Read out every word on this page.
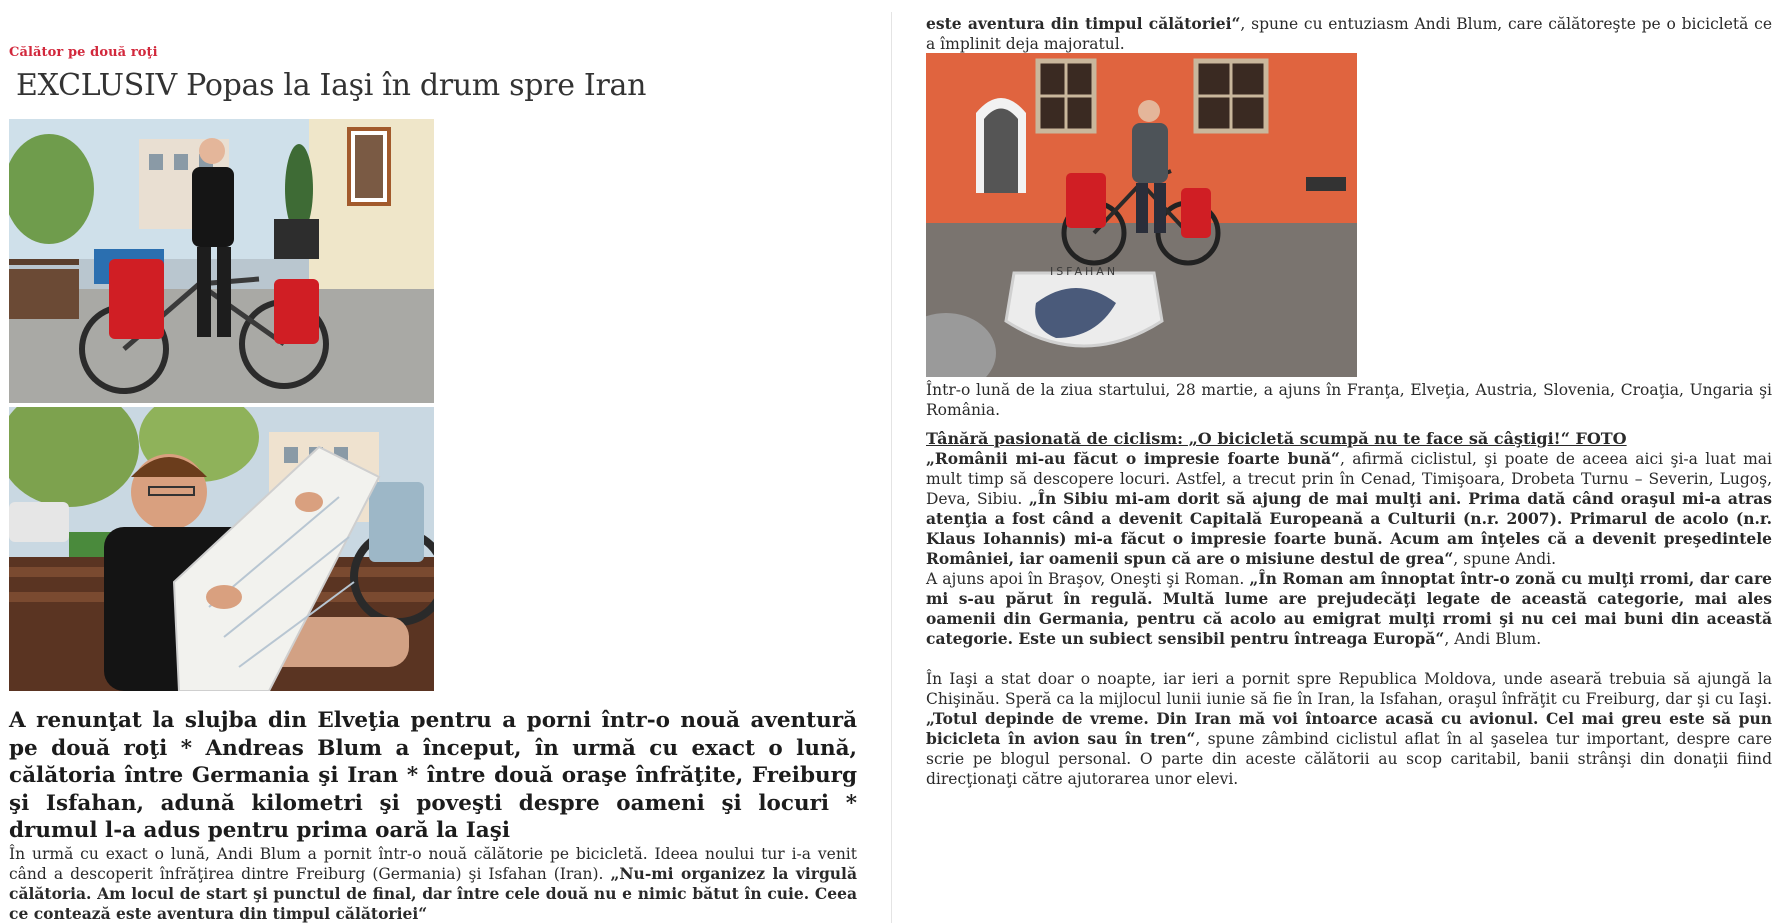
Călător pe două roţi
EXCLUSIV Popas la Iaşi în drum spre Iran

A renunţat la slujba din Elveţia pentru a porni într-o nouă aventură pe două roţi * Andreas Blum a început, în urmă cu exact o lună, călătoria între Germania şi Iran * între două oraşe înfrăţite, Freiburg şi Isfahan, adună kilometri şi poveşti despre oameni şi locuri * drumul l-a adus pentru prima oară la Iaşi

În urmă cu exact o lună, Andi Blum a pornit într-o nouă călătorie pe bicicletă. Ideea noului tur i-a venit când a descoperit înfrăţirea dintre Freiburg (Germania) şi Isfahan (Iran). „Nu-mi organizez la virgulă călătoria. Am locul de start şi punctul de final, dar între cele două nu e nimic bătut în cuie. Ceea ce contează este aventura din timpul călătoriei“

este aventura din timpul călătoriei“, spune cu entuziasm Andi Blum, care călătoreşte pe o bicicletă ce a împlinit deja majoratul.

ISFAHAN

Într-o lună de la ziua startului, 28 martie, a ajuns în Franţa, Elveţia, Austria, Slovenia, Croaţia, Ungaria şi România.

Tânără pasionată de ciclism: „O bicicletă scumpă nu te face să câştigi!“ FOTO

„Românii mi-au făcut o impresie foarte bună“, afirmă ciclistul, şi poate de aceea aici şi-a luat mai mult timp să descopere locuri. Astfel, a trecut prin în Cenad, Timişoara, Drobeta Turnu – Severin, Lugoş, Deva, Sibiu. „În Sibiu mi-am dorit să ajung de mai mulţi ani. Prima dată când oraşul mi-a atras atenţia a fost când a devenit Capitală Europeană a Culturii (n.r. 2007). Primarul de acolo (n.r. Klaus Iohannis) mi-a făcut o impresie foarte bună. Acum am înţeles că a devenit preşedintele României, iar oamenii spun că are o misiune destul de grea“, spune Andi.

A ajuns apoi în Braşov, Oneşti şi Roman. „În Roman am înnoptat într-o zonă cu mulţi rromi, dar care mi s-au părut în regulă. Multă lume are prejudecăţi legate de această categorie, mai ales oamenii din Germania, pentru că acolo au emigrat mulţi rromi şi nu cei mai buni din această categorie. Este un subiect sensibil pentru întreaga Europă“, Andi Blum.

În Iaşi a stat doar o noapte, iar ieri a pornit spre Republica Moldova, unde aseară trebuia să ajungă la Chişinău. Speră ca la mijlocul lunii iunie să fie în Iran, la Isfahan, oraşul înfrăţit cu Freiburg, dar şi cu Iaşi. „Totul depinde de vreme. Din Iran mă voi întoarce acasă cu avionul. Cel mai greu este să pun bicicleta în avion sau în tren“, spune zâmbind ciclistul aflat în al şaselea tur important, despre care scrie pe blogul personal. O parte din aceste călătorii au scop caritabil, banii strânşi din donaţii fiind direcţionaţi către ajutorarea unor elevi.
